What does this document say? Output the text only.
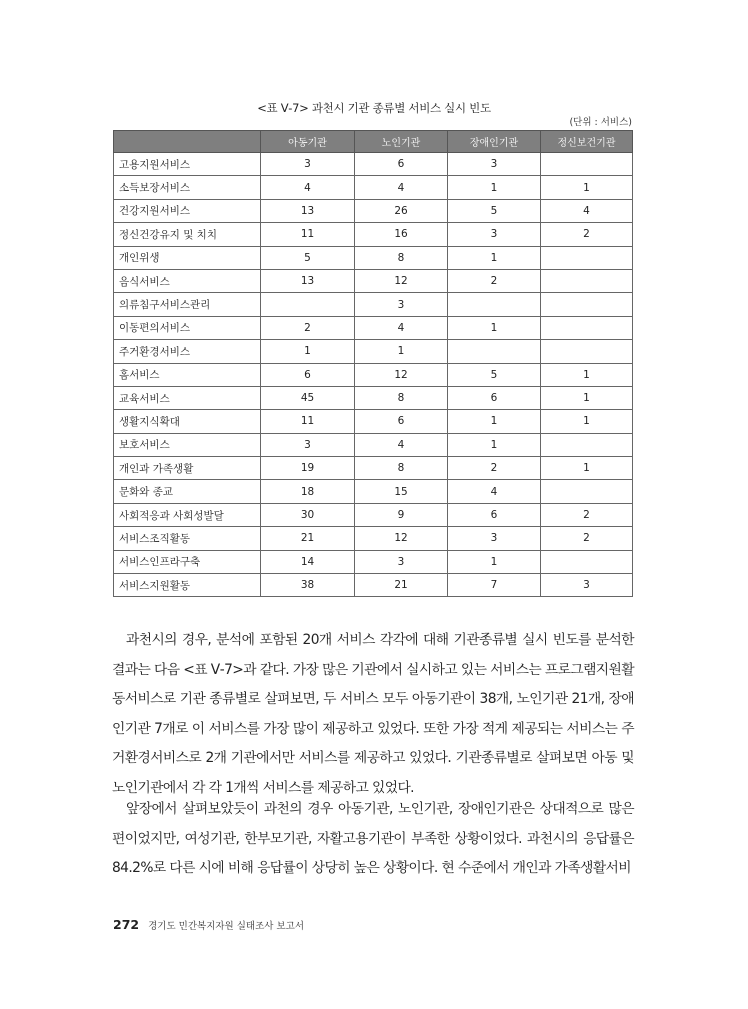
<표 Ⅴ-7> 과천시 기관 종류별 서비스 실시 빈도
(단위 : 서비스)
	아동기관	노인기관	장애인기관	정신보건기관
고용지원서비스	3	6	3	
소득보장서비스	4	4	1	1
건강지원서비스	13	26	5	4
정신건강유지 및 치치	11	16	3	2
개인위생	5	8	1	
음식서비스	13	12	2	
의류침구서비스관리		3		
이동편의서비스	2	4	1	
주거환경서비스	1	1		
홈서비스	6	12	5	1
교육서비스	45	8	6	1
생활지식확대	11	6	1	1
보호서비스	3	4	1	
개인과 가족생활	19	8	2	1
문화와 종교	18	15	4	
사회적응과 사회성발달	30	9	6	2
서비스조직활동	21	12	3	2
서비스인프라구축	14	3	1	
서비스지원활동	38	21	7	3

과천시의 경우, 분석에 포함된 20개 서비스 각각에 대해 기관종류별 실시 빈도를 분석한 결과는 다음 <표 Ⅴ-7>과 같다. 가장 많은 기관에서 실시하고 있는 서비스는 프로그램지원활동서비스로 기관 종류별로 살펴보면, 두 서비스 모두 아동기관이 38개, 노인기관 21개, 장애인기관 7개로 이 서비스를 가장 많이 제공하고 있었다. 또한 가장 적게 제공되는 서비스는 주거환경서비스로 2개 기관에서만 서비스를 제공하고 있었다. 기관종류별로 살펴보면 아동 및 노인기관에서 각 각 1개씩 서비스를 제공하고 있었다.

앞장에서 살펴보았듯이 과천의 경우 아동기관, 노인기관, 장애인기관은 상대적으로 많은 편이었지만, 여성기관, 한부모기관, 자활고용기관이 부족한 상황이었다. 과천시의 응답률은 84.2%로 다른 시에 비해 응답률이 상당히 높은 상황이다. 현 수준에서 개인과 가족생활서비

272 경기도 민간복지자원 실태조사 보고서
